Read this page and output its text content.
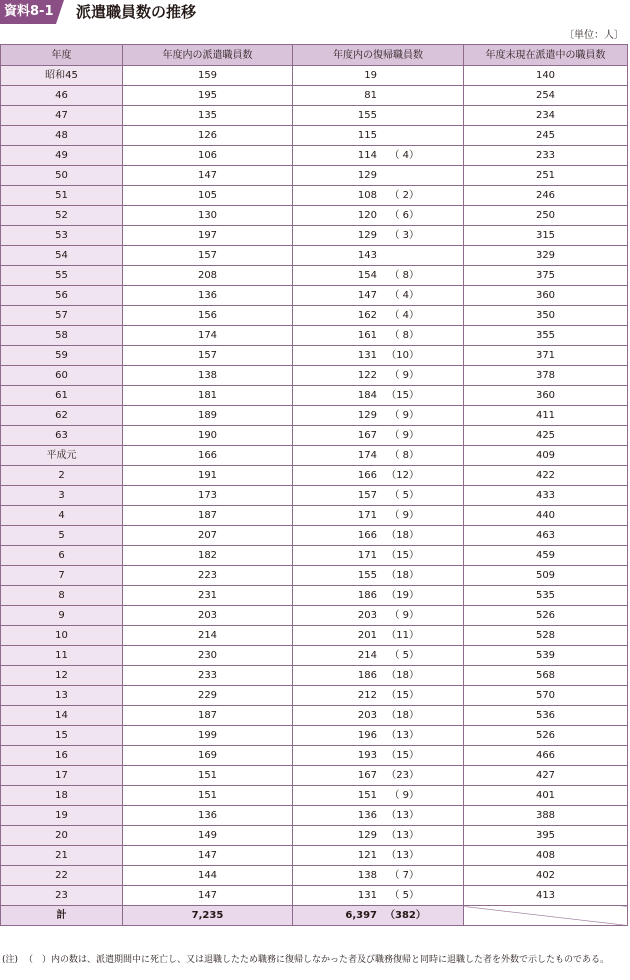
資料8-1 派遣職員数の推移
〔単位：人〕
年度	年度内の派遣職員数	年度内の復帰職員数	年度末現在派遣中の職員数
昭和45	159	19	140
46	195	81	254
47	135	155	234
48	126	115	245
49	106	114 （ 4）	233
50	147	129	251
51	105	108 （ 2）	246
52	130	120 （ 6）	250
53	197	129 （ 3）	315
54	157	143	329
55	208	154 （ 8）	375
56	136	147 （ 4）	360
57	156	162 （ 4）	350
58	174	161 （ 8）	355
59	157	131 （10）	371
60	138	122 （ 9）	378
61	181	184 （15）	360
62	189	129 （ 9）	411
63	190	167 （ 9）	425
平成元	166	174 （ 8）	409
2	191	166 （12）	422
3	173	157 （ 5）	433
4	187	171 （ 9）	440
5	207	166 （18）	463
6	182	171 （15）	459
7	223	155 （18）	509
8	231	186 （19）	535
9	203	203 （ 9）	526
10	214	201 （11）	528
11	230	214 （ 5）	539
12	233	186 （18）	568
13	229	212 （15）	570
14	187	203 （18）	536
15	199	196 （13）	526
16	169	193 （15）	466
17	151	167 （23）	427
18	151	151 （ 9）	401
19	136	136 （13）	388
20	149	129 （13）	395
21	147	121 （13）	408
22	144	138 （ 7）	402
23	147	131 （ 5）	413
計	7,235	6,397 （382）	
(注) （　）内の数は、派遣期間中に死亡し、又は退職したため職務に復帰しなかった者及び職務復帰と同時に退職した者を外数で示したものである。
